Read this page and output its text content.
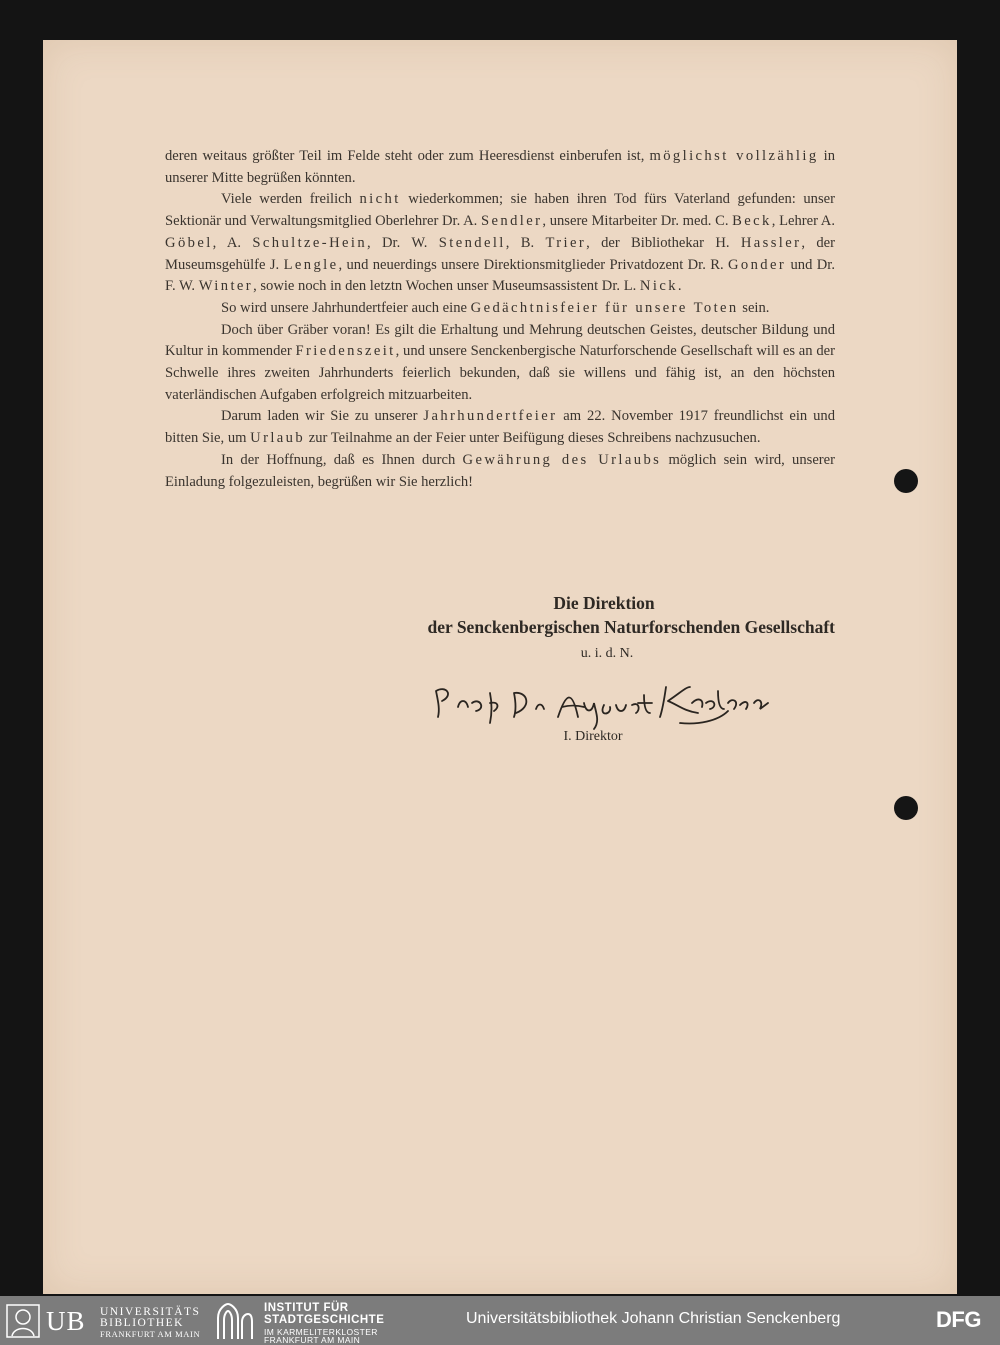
deren weitaus größter Teil im Felde steht oder zum Heeresdienst einberufen ist, möglichst vollzählig in unserer Mitte begrüßen könnten.

Viele werden freilich nicht wiederkommen; sie haben ihren Tod fürs Vaterland gefunden: unser Sektionär und Verwaltungsmitglied Oberlehrer Dr. A. Sendler, unsere Mitarbeiter Dr. med. C. Beck, Lehrer A. Göbel, A. Schultze-Hein, Dr. W. Stendell, B. Trier, der Bibliothekar H. Hassler, der Museumsgehülfe J. Lengle, und neuerdings unsere Direktionsmitglieder Privatdozent Dr. R. Gonder und Dr. F. W. Winter, sowie noch in den letztn Wochen unser Museumsassistent Dr. L. Nick.

So wird unsere Jahrhundertfeier auch eine Gedächtnisfeier für unsere Toten sein.

Doch über Gräber voran! Es gilt die Erhaltung und Mehrung deutschen Geistes, deutscher Bildung und Kultur in kommender Friedenszeit, und unsere Senckenbergische Naturforschende Gesellschaft will es an der Schwelle ihres zweiten Jahrhunderts feierlich bekunden, daß sie willens und fähig ist, an den höchsten vaterländischen Aufgaben erfolgreich mitzuarbeiten.

Darum laden wir Sie zu unserer Jahrhundertfeier am 22. November 1917 freundlichst ein und bitten Sie, um Urlaub zur Teilnahme an der Feier unter Beifügung dieses Schreibens nachzusuchen.

In der Hoffnung, daß es Ihnen durch Gewährung des Urlaubs möglich sein wird, unserer Einladung folgezuleisten, begrüßen wir Sie herzlich!

Die Direktion
der Senckenbergischen Naturforschenden Gesellschaft
u. i. d. N.
I. Direktor
UB UNIVERSITÄTS
BIBLIOTHEK
FRANKFURT AM MAIN
INSTITUT FÜR
STADTGESCHICHTE
IM KARMELITERKLOSTER
FRANKFURT AM MAIN
Universitätsbibliothek Johann Christian Senckenberg	DFG
